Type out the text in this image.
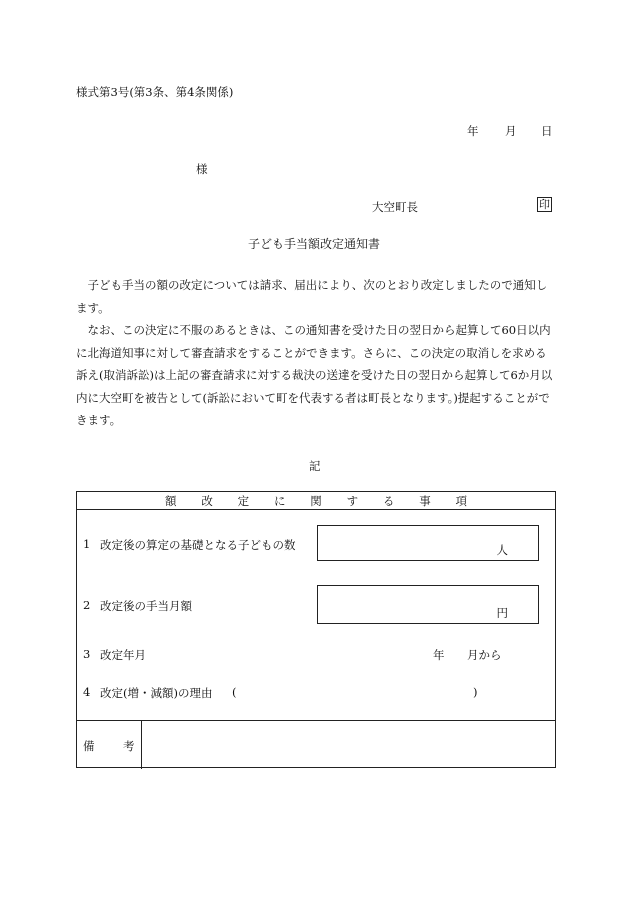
様式第3号(第3条、第4条関係)
年 月 日
様
大空町長	印
子ども手当額改定通知書
子ども手当の額の改定については請求、届出により、次のとおり改定しましたので通知します。
なお、この決定に不服のあるときは、この通知書を受けた日の翌日から起算して60日以内に北海道知事に対して審査請求をすることができます。さらに、この決定の取消しを求める訴え(取消訴訟)は上記の審査請求に対する裁決の送達を受けた日の翌日から起算して6か月以内に大空町を被告として(訴訟において町を代表する者は町長となります。)提起することができます。
記
額 改 定 に 関 す る 事 項
1 改定後の算定の基礎となる子どもの数	人
2 改定後の手当月額	円
3 改定年月	年 月から
4 改定(増・減額)の理由 (	)
備 考
